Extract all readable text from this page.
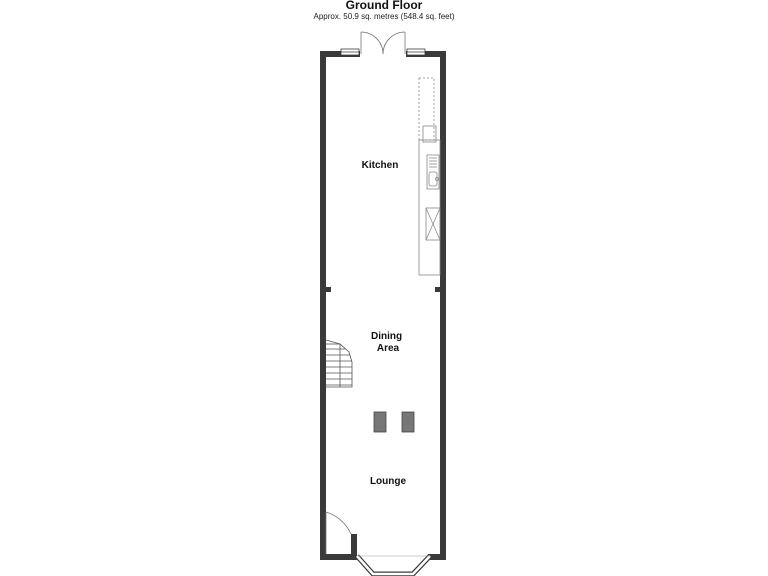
Ground Floor
Approx. 50.9 sq. metres (548.4 sq. feet)
Kitchen
Dining Area
Lounge
